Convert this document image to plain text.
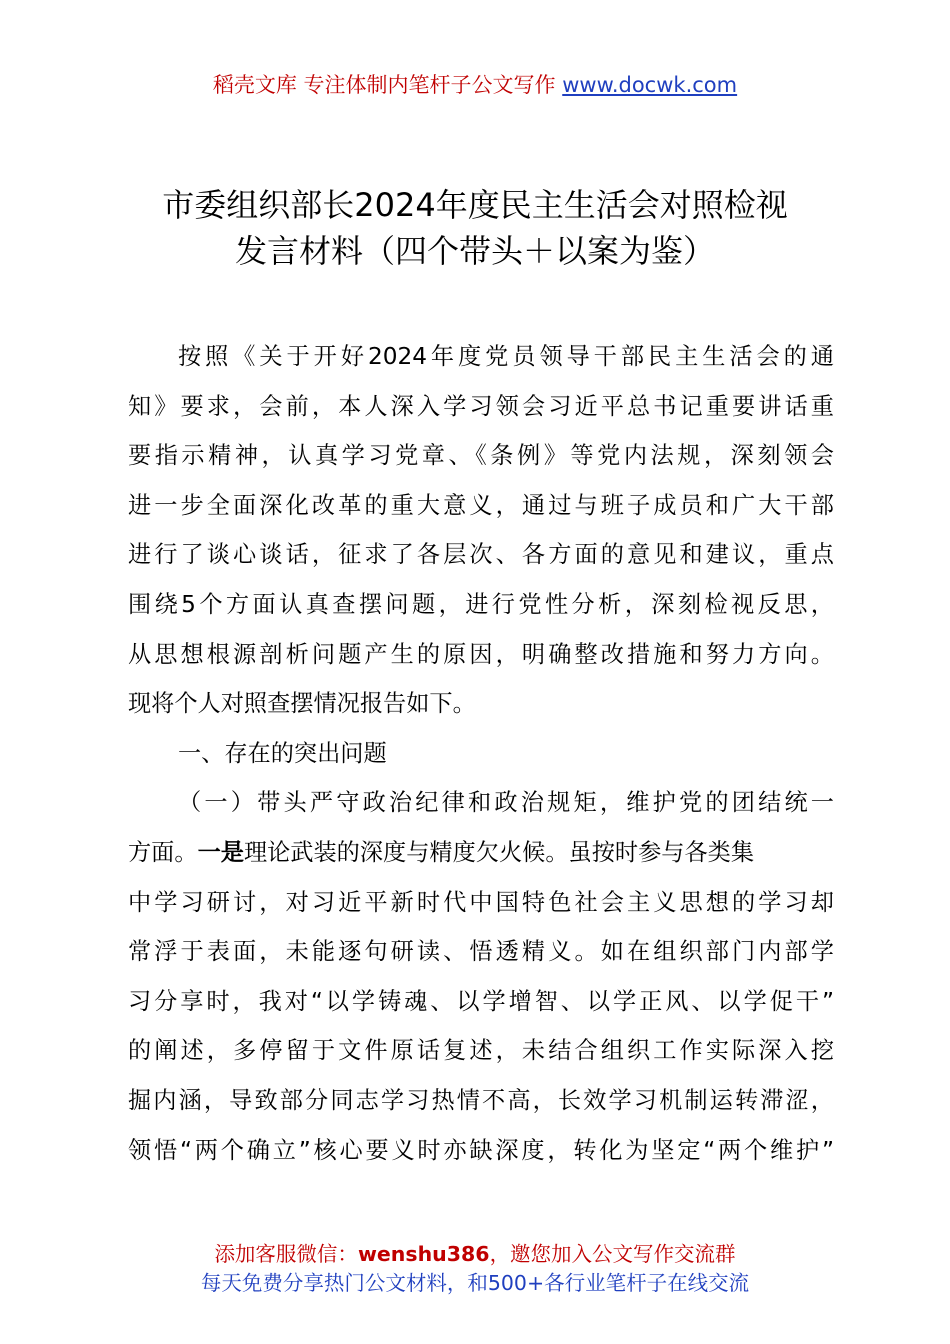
稻壳文库 专注体制内笔杆子公文写作 www.docwk.com
市委组织部长2024年度民主生活会对照检视
发言材料（四个带头＋以案为鉴）
按照《关于开好2024年度党员领导干部民主生活会的通
知》要求，会前，本人深入学习领会习近平总书记重要讲话重
要指示精神，认真学习党章、《条例》等党内法规，深刻领会
进一步全面深化改革的重大意义，通过与班子成员和广大干部
进行了谈心谈话，征求了各层次、各方面的意见和建议，重点
围绕5个方面认真查摆问题，进行党性分析，深刻检视反思，
从思想根源剖析问题产生的原因，明确整改措施和努力方向。
现将个人对照查摆情况报告如下。
一、存在的突出问题
（一）带头严守政治纪律和政治规矩，维护党的团结统一
方面。一是理论武装的深度与精度欠火候。虽按时参与各类集
中学习研讨，对习近平新时代中国特色社会主义思想的学习却
常浮于表面，未能逐句研读、悟透精义。如在组织部门内部学
习分享时，我对“以学铸魂、以学增智、以学正风、以学促干”
的阐述，多停留于文件原话复述，未结合组织工作实际深入挖
掘内涵，导致部分同志学习热情不高，长效学习机制运转滞涩，
领悟“两个确立”核心要义时亦缺深度，转化为坚定“两个维护”
添加客服微信：wenshu386，邀您加入公文写作交流群
每天免费分享热门公文材料，和500+各行业笔杆子在线交流
